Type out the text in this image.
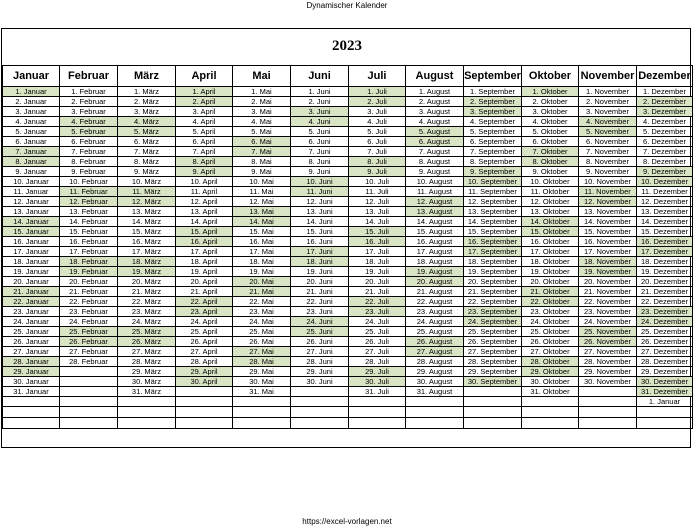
Dynamischer Kalender
2023
Januar	Februar	März	April	Mai	Juni	Juli	August	September	Oktober	November	Dezember
1. Januar	1. Februar	1. März	1. April	1. Mai	1. Juni	1. Juli	1. August	1. September	1. Oktober	1. November	1. Dezember
2. Januar	2. Februar	2. März	2. April	2. Mai	2. Juni	2. Juli	2. August	2. September	2. Oktober	2. November	2. Dezember
3. Januar	3. Februar	3. März	3. April	3. Mai	3. Juni	3. Juli	3. August	3. September	3. Oktober	3. November	3. Dezember
4. Januar	4. Februar	4. März	4. April	4. Mai	4. Juni	4. Juli	4. August	4. September	4. Oktober	4. November	4. Dezember
5. Januar	5. Februar	5. März	5. April	5. Mai	5. Juni	5. Juli	5. August	5. September	5. Oktober	5. November	5. Dezember
6. Januar	6. Februar	6. März	6. April	6. Mai	6. Juni	6. Juli	6. August	6. September	6. Oktober	6. November	6. Dezember
7. Januar	7. Februar	7. März	7. April	7. Mai	7. Juni	7. Juli	7. August	7. September	7. Oktober	7. November	7. Dezember
8. Januar	8. Februar	8. März	8. April	8. Mai	8. Juni	8. Juli	8. August	8. September	8. Oktober	8. November	8. Dezember
9. Januar	9. Februar	9. März	9. April	9. Mai	9. Juni	9. Juli	9. August	9. September	9. Oktober	9. November	9. Dezember
10. Januar	10. Februar	10. März	10. April	10. Mai	10. Juni	10. Juli	10. August	10. September	10. Oktober	10. November	10. Dezember
11. Januar	11. Februar	11. März	11. April	11. Mai	11. Juni	11. Juli	11. August	11. September	11. Oktober	11. November	11. Dezember
12. Januar	12. Februar	12. März	12. April	12. Mai	12. Juni	12. Juli	12. August	12. September	12. Oktober	12. November	12. Dezember
13. Januar	13. Februar	13. März	13. April	13. Mai	13. Juni	13. Juli	13. August	13. September	13. Oktober	13. November	13. Dezember
14. Januar	14. Februar	14. März	14. April	14. Mai	14. Juni	14. Juli	14. August	14. September	14. Oktober	14. November	14. Dezember
15. Januar	15. Februar	15. März	15. April	15. Mai	15. Juni	15. Juli	15. August	15. September	15. Oktober	15. November	15. Dezember
16. Januar	16. Februar	16. März	16. April	16. Mai	16. Juni	16. Juli	16. August	16. September	16. Oktober	16. November	16. Dezember
17. Januar	17. Februar	17. März	17. April	17. Mai	17. Juni	17. Juli	17. August	17. September	17. Oktober	17. November	17. Dezember
18. Januar	18. Februar	18. März	18. April	18. Mai	18. Juni	18. Juli	18. August	18. September	18. Oktober	18. November	18. Dezember
19. Januar	19. Februar	19. März	19. April	19. Mai	19. Juni	19. Juli	19. August	19. September	19. Oktober	19. November	19. Dezember
20. Januar	20. Februar	20. März	20. April	20. Mai	20. Juni	20. Juli	20. August	20. September	20. Oktober	20. November	20. Dezember
21. Januar	21. Februar	21. März	21. April	21. Mai	21. Juni	21. Juli	21. August	21. September	21. Oktober	21. November	21. Dezember
22. Januar	22. Februar	22. März	22. April	22. Mai	22. Juni	22. Juli	22. August	22. September	22. Oktober	22. November	22. Dezember
23. Januar	23. Februar	23. März	23. April	23. Mai	23. Juni	23. Juli	23. August	23. September	23. Oktober	23. November	23. Dezember
24. Januar	24. Februar	24. März	24. April	24. Mai	24. Juni	24. Juli	24. August	24. September	24. Oktober	24. November	24. Dezember
25. Januar	25. Februar	25. März	25. April	25. Mai	25. Juni	25. Juli	25. August	25. September	25. Oktober	25. November	25. Dezember
26. Januar	26. Februar	26. März	26. April	26. Mai	26. Juni	26. Juli	26. August	26. September	26. Oktober	26. November	26. Dezember
27. Januar	27. Februar	27. März	27. April	27. Mai	27. Juni	27. Juli	27. August	27. September	27. Oktober	27. November	27. Dezember
28. Januar	28. Februar	28. März	28. April	28. Mai	28. Juni	28. Juli	28. August	28. September	28. Oktober	28. November	28. Dezember
29. Januar		29. März	29. April	29. Mai	29. Juni	29. Juli	29. August	29. September	29. Oktober	29. November	29. Dezember
30. Januar		30. März	30. April	30. Mai	30. Juni	30. Juli	30. August	30. September	30. Oktober	30. November	30. Dezember
31. Januar		31. März		31. Mai		31. Juli	31. August		31. Oktober		31. Dezember
											1. Januar

https://excel-vorlagen.net
